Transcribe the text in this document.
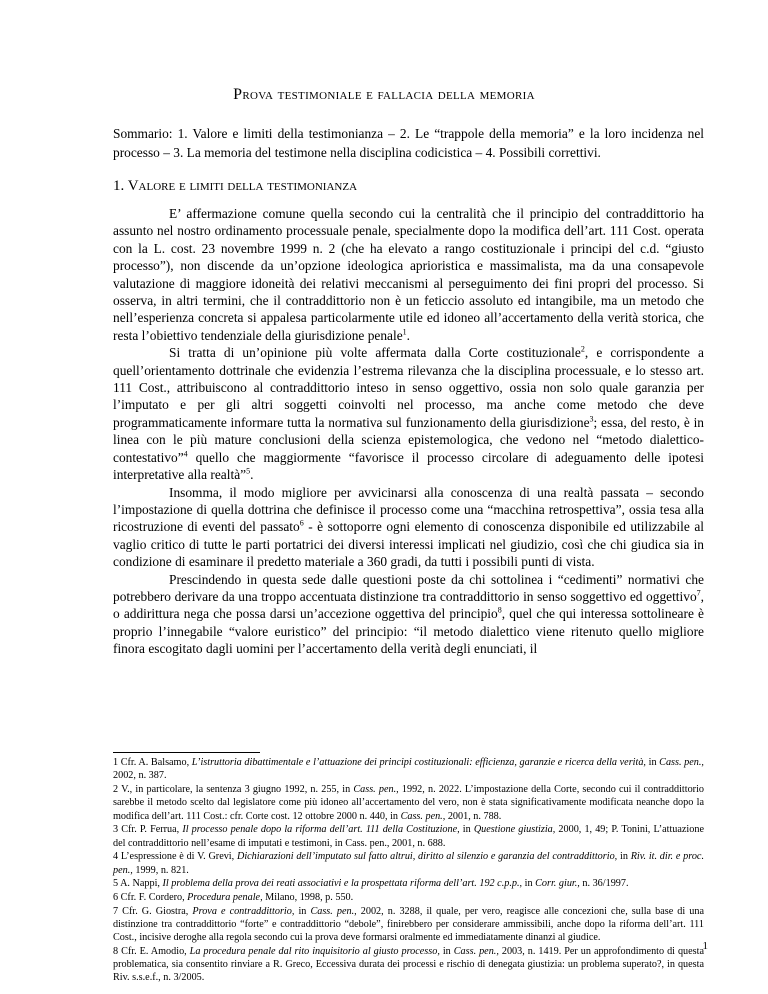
Prova testimoniale e fallacia della memoria
Sommario: 1. Valore e limiti della testimonianza – 2. Le “trappole della memoria” e la loro incidenza nel processo – 3. La memoria del testimone nella disciplina codicistica – 4. Possibili correttivi.
1. Valore e limiti della testimonianza

E’ affermazione comune quella secondo cui la centralità che il principio del contraddittorio ha assunto nel nostro ordinamento processuale penale, specialmente dopo la modifica dell’art. 111 Cost. operata con la L. cost. 23 novembre 1999 n. 2 (che ha elevato a rango costituzionale i principi del c.d. “giusto processo”), non discende da un’opzione ideologica aprioristica e massimalista, ma da una consapevole valutazione di maggiore idoneità dei relativi meccanismi al perseguimento dei fini propri del processo. Si osserva, in altri termini, che il contraddittorio non è un feticcio assoluto ed intangibile, ma un metodo che nell’esperienza concreta si appalesa particolarmente utile ed idoneo all’accertamento della verità storica, che resta l’obiettivo tendenziale della giurisdizione penale$^1$.

Si tratta di un’opinione più volte affermata dalla Corte costituzionale$^2$, e corrispondente a quell’orientamento dottrinale che evidenzia l’estrema rilevanza che la disciplina processuale, e lo stesso art. 111 Cost., attribuiscono al contraddittorio inteso in senso oggettivo, ossia non solo quale garanzia per l’imputato e per gli altri soggetti coinvolti nel processo, ma anche come metodo che deve programmaticamente informare tutta la normativa sul funzionamento della giurisdizione$^3$; essa, del resto, è in linea con le più mature conclusioni della scienza epistemologica, che vedono nel “metodo dialettico-contestativo”$^4$ quello che maggiormente “favorisce il processo circolare di adeguamento delle ipotesi interpretative alla realtà”$^5$.

Insomma, il modo migliore per avvicinarsi alla conoscenza di una realtà passata – secondo l’impostazione di quella dottrina che definisce il processo come una “macchina retrospettiva”, ossia tesa alla ricostruzione di eventi del passato$^6$ - è sottoporre ogni elemento di conoscenza disponibile ed utilizzabile al vaglio critico di tutte le parti portatrici dei diversi interessi implicati nel giudizio, così che chi giudica sia in condizione di esaminare il predetto materiale a 360 gradi, da tutti i possibili punti di vista.

Prescindendo in questa sede dalle questioni poste da chi sottolinea i “cedimenti” normativi che potrebbero derivare da una troppo accentuata distinzione tra contraddittorio in senso soggettivo ed oggettivo$^7$, o addirittura nega che possa darsi un’accezione oggettiva del principio$^8$, quel che qui interessa sottolineare è proprio l’innegabile “valore euristico” del principio: “il metodo dialettico viene ritenuto quello migliore finora escogitato dagli uomini per l’accertamento della verità degli enunciati, il

1 Cfr. A. Balsamo, L’istruttoria dibattimentale e l’attuazione dei principi costituzionali: efficienza, garanzie e ricerca della verità, in Cass. pen., 2002, n. 387.

2 V., in particolare, la sentenza 3 giugno 1992, n. 255, in Cass. pen., 1992, n. 2022. L’impostazione della Corte, secondo cui il contraddittorio sarebbe il metodo scelto dal legislatore come più idoneo all’accertamento del vero, non è stata significativamente modificata neanche dopo la modifica dell’art. 111 Cost.: cfr. Corte cost. 12 ottobre 2000 n. 440, in Cass. pen., 2001, n. 788.

3 Cfr. P. Ferrua, Il processo penale dopo la riforma dell’art. 111 della Costituzione, in Questione giustizia, 2000, 1, 49; P. Tonini, L’attuazione del contraddittorio nell’esame di imputati e testimoni, in Cass. pen., 2001, n. 688.

4 L’espressione è di V. Grevi, Dichiarazioni dell’imputato sul fatto altrui, diritto al silenzio e garanzia del contraddittorio, in Riv. it. dir. e proc. pen., 1999, n. 821.

5 A. Nappi, Il problema della prova dei reati associativi e la prospettata riforma dell’art. 192 c.p.p., in Corr. giur., n. 36/1997.

6 Cfr. F. Cordero, Procedura penale, Milano, 1998, p. 550.

7 Cfr. G. Giostra, Prova e contraddittorio, in Cass. pen., 2002, n. 3288, il quale, per vero, reagisce alle concezioni che, sulla base di una distinzione tra contraddittorio “forte” e contraddittorio “debole”, finirebbero per considerare ammissibili, anche dopo la riforma dell’art. 111 Cost., incisive deroghe alla regola secondo cui la prova deve formarsi oralmente ed immediatamente dinanzi al giudice.

8 Cfr. E. Amodio, La procedura penale dal rito inquisitorio al giusto processo, in Cass. pen., 2003, n. 1419. Per un approfondimento di questa problematica, sia consentito rinviare a R. Greco, Eccessiva durata dei processi e rischio di denegata giustizia: un problema superato?, in questa Riv. s.s.e.f., n. 3/2005.

1
